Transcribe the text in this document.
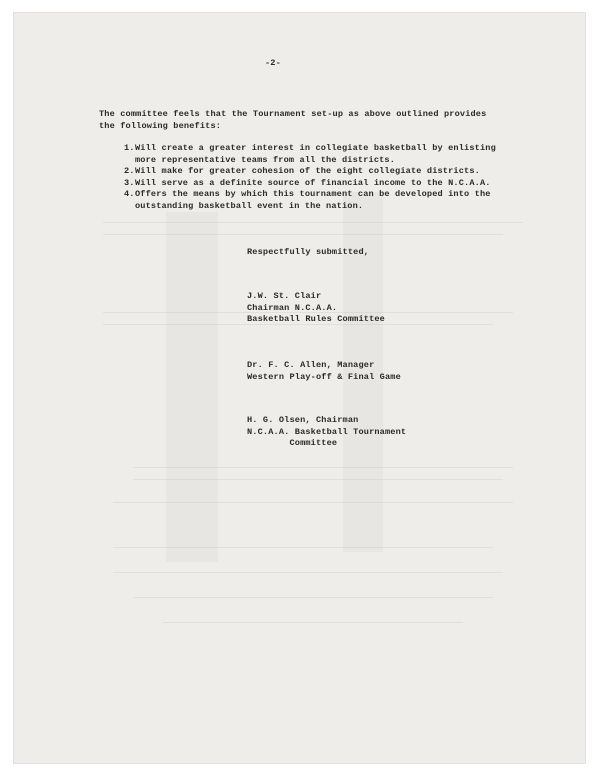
-2-
The committee feels that the Tournament set-up as above outlined provides
the following benefits:
1. Will create a greater interest in collegiate basketball by enlisting
more representative teams from all the districts.
2. Will make for greater cohesion of the eight collegiate districts.
3. Will serve as a definite source of financial income to the N.C.A.A.
4. Offers the means by which this tournament can be developed into the
outstanding basketball event in the nation.
Respectfully submitted,
J.W. St. Clair
Chairman N.C.A.A.
Basketball Rules Committee
Dr. F. C. Allen, Manager
Western Play-off & Final Game
H. G. Olsen, Chairman
N.C.A.A. Basketball Tournament
Committee
